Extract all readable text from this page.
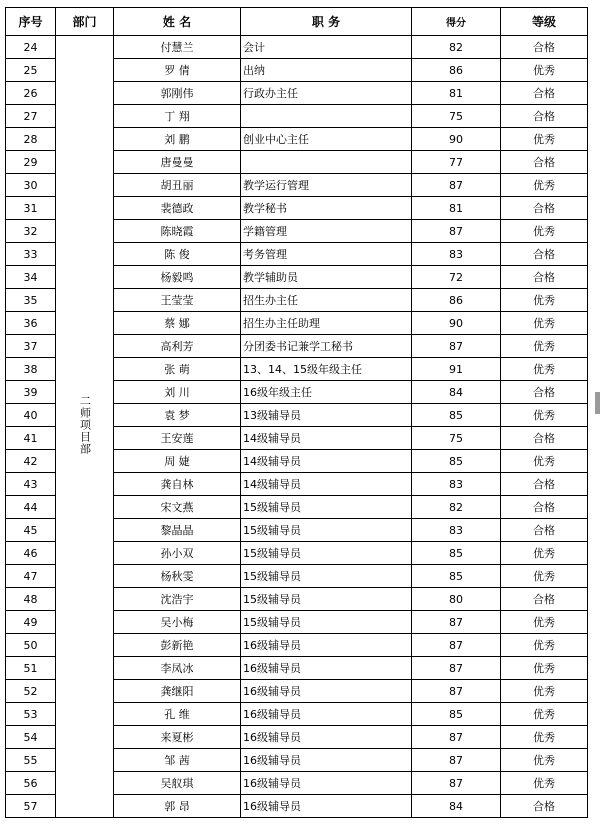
序号	部门	姓 名	职 务	得分	等级
24	二师项目部	付慧兰	会计	82	合格
25		罗 倩	出纳	86	优秀
26		郭刚伟	行政办主任	81	合格
27		丁 翔		75	合格
28		刘 鹏	创业中心主任	90	优秀
29		唐曼曼		77	合格
30		胡丑丽	教学运行管理	87	优秀
31		裴德政	教学秘书	81	合格
32		陈晓霞	学籍管理	87	优秀
33		陈 俊	考务管理	83	合格
34		杨毅鸣	教学辅助员	72	合格
35		王莹莹	招生办主任	86	优秀
36		蔡 娜	招生办主任助理	90	优秀
37		高利芳	分团委书记兼学工秘书	87	优秀
38		张 萌	13、14、15级年级主任	91	优秀
39		刘 川	16级年级主任	84	合格
40		袁 梦	13级辅导员	85	优秀
41		王安莲	14级辅导员	75	合格
42		周 婕	14级辅导员	85	优秀
43		龚自林	14级辅导员	83	合格
44		宋文燕	15级辅导员	82	合格
45		黎晶晶	15级辅导员	83	合格
46		孙小双	15级辅导员	85	优秀
47		杨秋雯	15级辅导员	85	优秀
48		沈浩宇	15级辅导员	80	合格
49		吴小梅	15级辅导员	87	优秀
50		彭新艳	16级辅导员	87	优秀
51		李凤冰	16级辅导员	87	优秀
52		龚继阳	16级辅导员	87	优秀
53		孔 维	16级辅导员	85	优秀
54		来夏彬	16级辅导员	87	优秀
55		邹 茜	16级辅导员	87	优秀
56		吴舣琪	16级辅导员	87	优秀
57		郭 昂	16级辅导员	84	合格
